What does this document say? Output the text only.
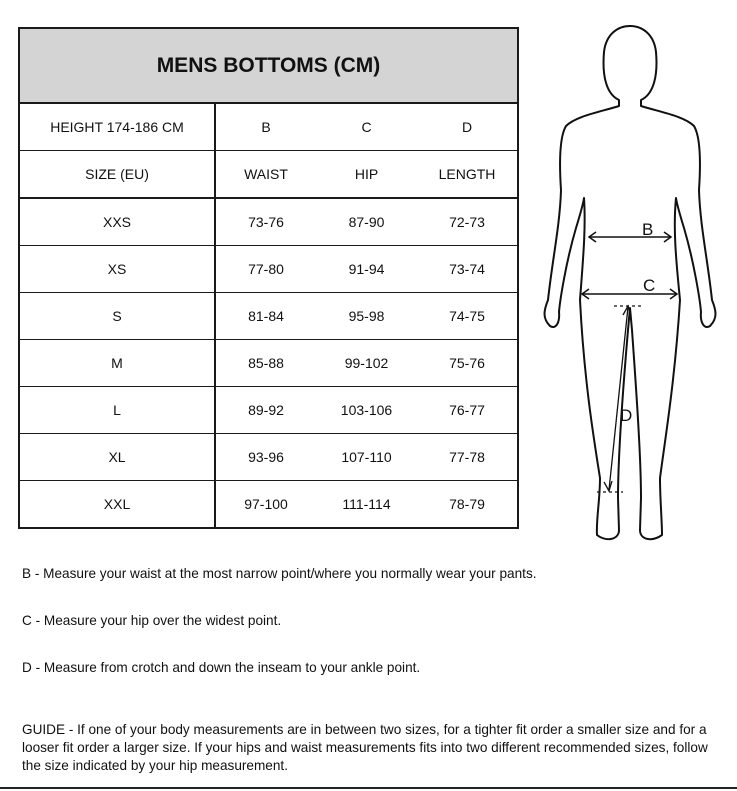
MENS BOTTOMS (CM)			
HEIGHT 174-186 CM	B	C	D
SIZE (EU)	WAIST	HIP	LENGTH
XXS	73-76	87-90	72-73
XS	77-80	91-94	73-74
S	81-84	95-98	74-75
M	85-88	99-102	75-76
L	89-92	103-106	76-77
XL	93-96	107-110	77-78
XXL	97-100	111-114	78-79
B
C
D

B - Measure your waist at the most narrow point/where you normally wear your pants.

C - Measure your hip over the widest point.

D - Measure from crotch and down the inseam to your ankle point.

GUIDE - If one of your body measurements are in between two sizes, for a tighter fit order a smaller size and for a looser fit order a larger size. If your hips and waist measurements fits into two different recommended sizes, follow the size indicated by your hip measurement.
